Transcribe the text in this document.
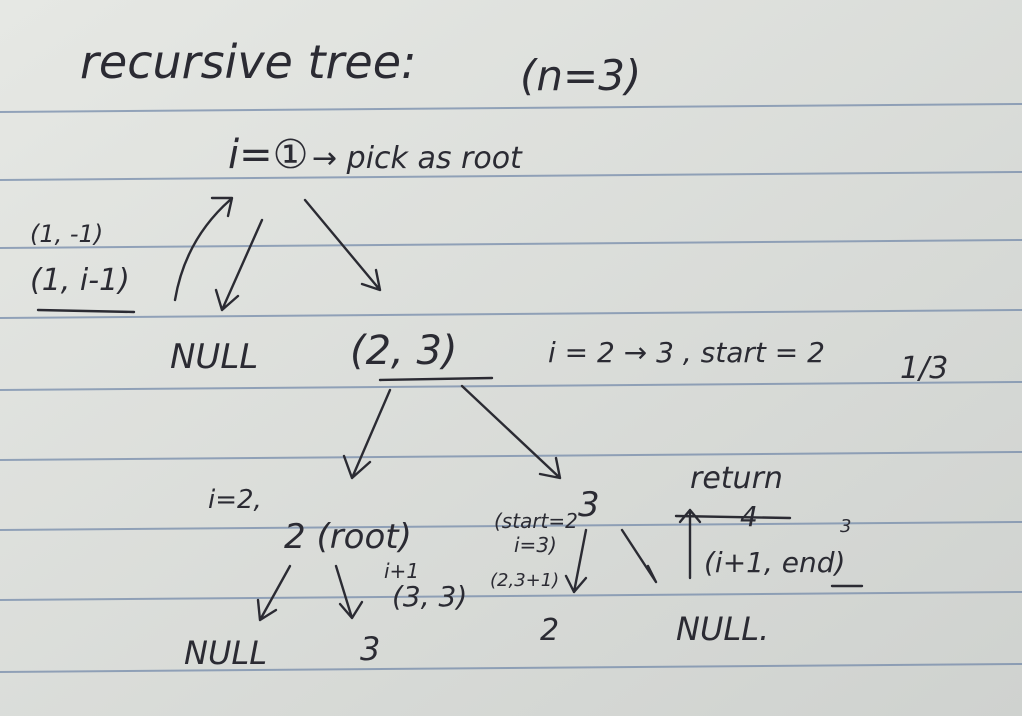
recursive tree: (n=3)
i=① → pick as root
(1, -1)
(1, i-1)
NULL (2, 3)	i = 2 → 3 , start = 2	1/3
i=2,
2 (root)	(start=2
i=3)
3
(2,3+1)
return
4	3
(i+1, end)
i+1
(3, 3)
NULL	3	2	NULL.
